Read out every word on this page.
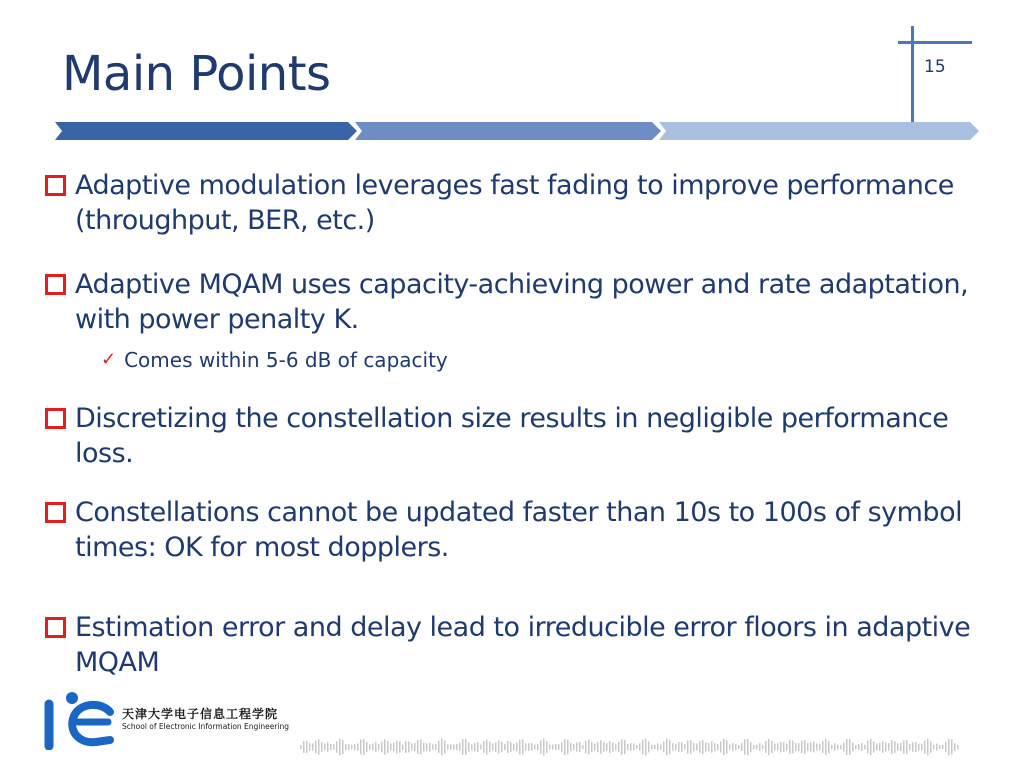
Main Points	15
Adaptive modulation leverages fast fading to improve performance (throughput, BER, etc.)
Adaptive MQAM uses capacity-achieving power and rate adaptation, with power penalty K.
✓ Comes within 5-6 dB of capacity
Discretizing the constellation size results in negligible performance loss.
Constellations cannot be updated faster than 10s to 100s of symbol times: OK for most dopplers.
Estimation error and delay lead to irreducible error floors in adaptive MQAM
天津大学电子信息工程学院
School of Electronic Information Engineering
